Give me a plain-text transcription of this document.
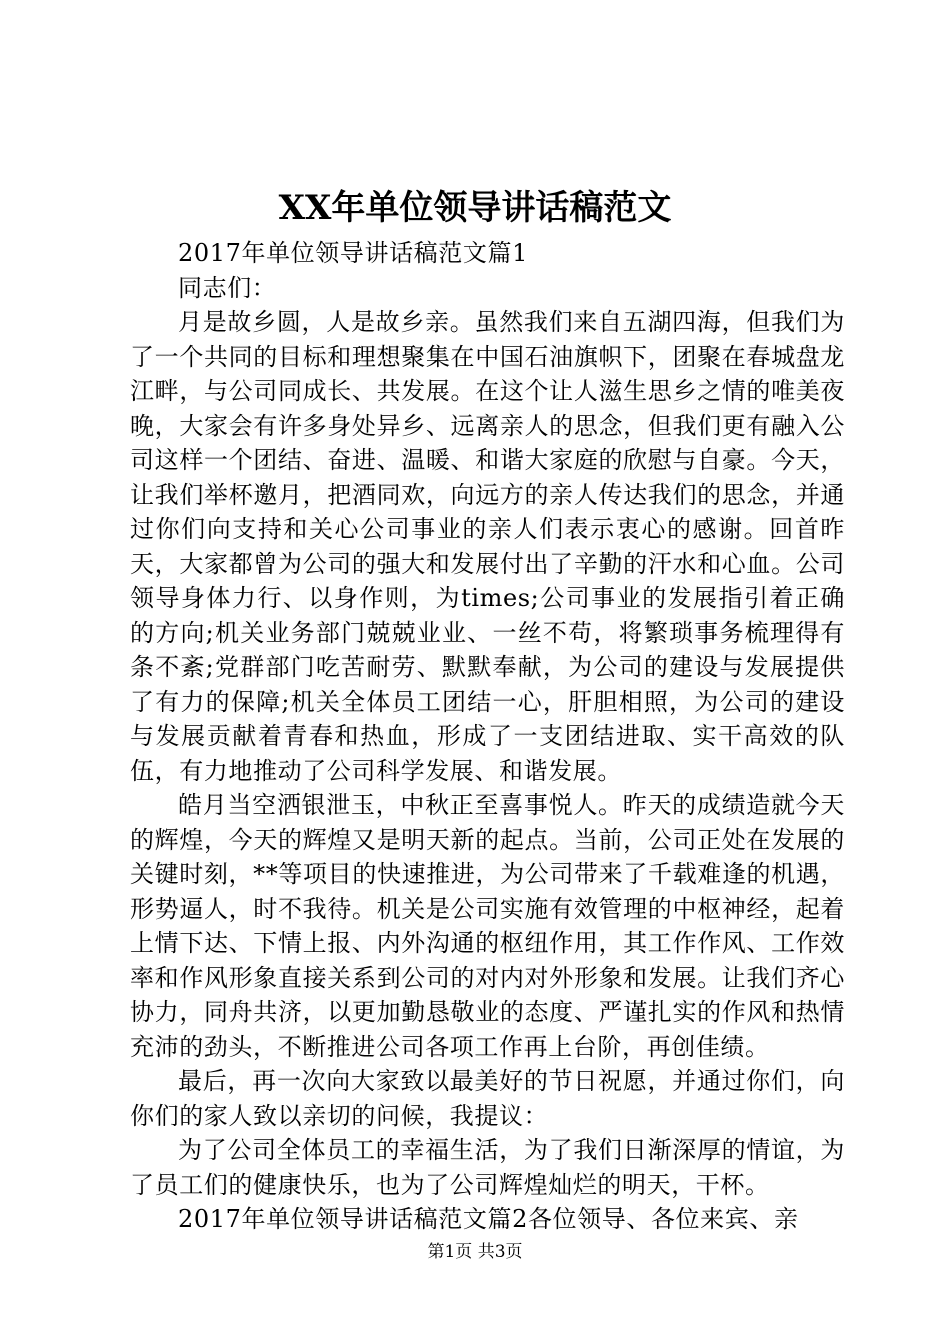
XX年单位领导讲话稿范文

2017年单位领导讲话稿范文篇1

同志们：

月是故乡圆，人是故乡亲。虽然我们来自五湖四海，但我们为了一个共同的目标和理想聚集在中国石油旗帜下，团聚在春城盘龙江畔，与公司同成长、共发展。在这个让人滋生思乡之情的唯美夜晚，大家会有许多身处异乡、远离亲人的思念，但我们更有融入公司这样一个团结、奋进、温暖、和谐大家庭的欣慰与自豪。今天，让我们举杯邀月，把酒同欢，向远方的亲人传达我们的思念，并通过你们向支持和关心公司事业的亲人们表示衷心的感谢。回首昨天，大家都曾为公司的强大和发展付出了辛勤的汗水和心血。公司领导身体力行、以身作则，为times;公司事业的发展指引着正确的方向;机关业务部门兢兢业业、一丝不苟，将繁琐事务梳理得有条不紊;党群部门吃苦耐劳、默默奉献，为公司的建设与发展提供了有力的保障;机关全体员工团结一心，肝胆相照，为公司的建设与发展贡献着青春和热血，形成了一支团结进取、实干高效的队伍，有力地推动了公司科学发展、和谐发展。

皓月当空洒银泄玉，中秋正至喜事悦人。昨天的成绩造就今天的辉煌，今天的辉煌又是明天新的起点。当前，公司正处在发展的关键时刻，**等项目的快速推进，为公司带来了千载难逢的机遇，形势逼人，时不我待。机关是公司实施有效管理的中枢神经，起着上情下达、下情上报、内外沟通的枢纽作用，其工作作风、工作效率和作风形象直接关系到公司的对内对外形象和发展。让我们齐心协力，同舟共济，以更加勤恳敬业的态度、严谨扎实的作风和热情充沛的劲头，不断推进公司各项工作再上台阶，再创佳绩。

最后，再一次向大家致以最美好的节日祝愿，并通过你们，向你们的家人致以亲切的问候，我提议：

为了公司全体员工的幸福生活，为了我们日渐深厚的情谊，为了员工们的健康快乐，也为了公司辉煌灿烂的明天，干杯。

2017年单位领导讲话稿范文篇2各位领导、各位来宾、亲

第1页 共3页
